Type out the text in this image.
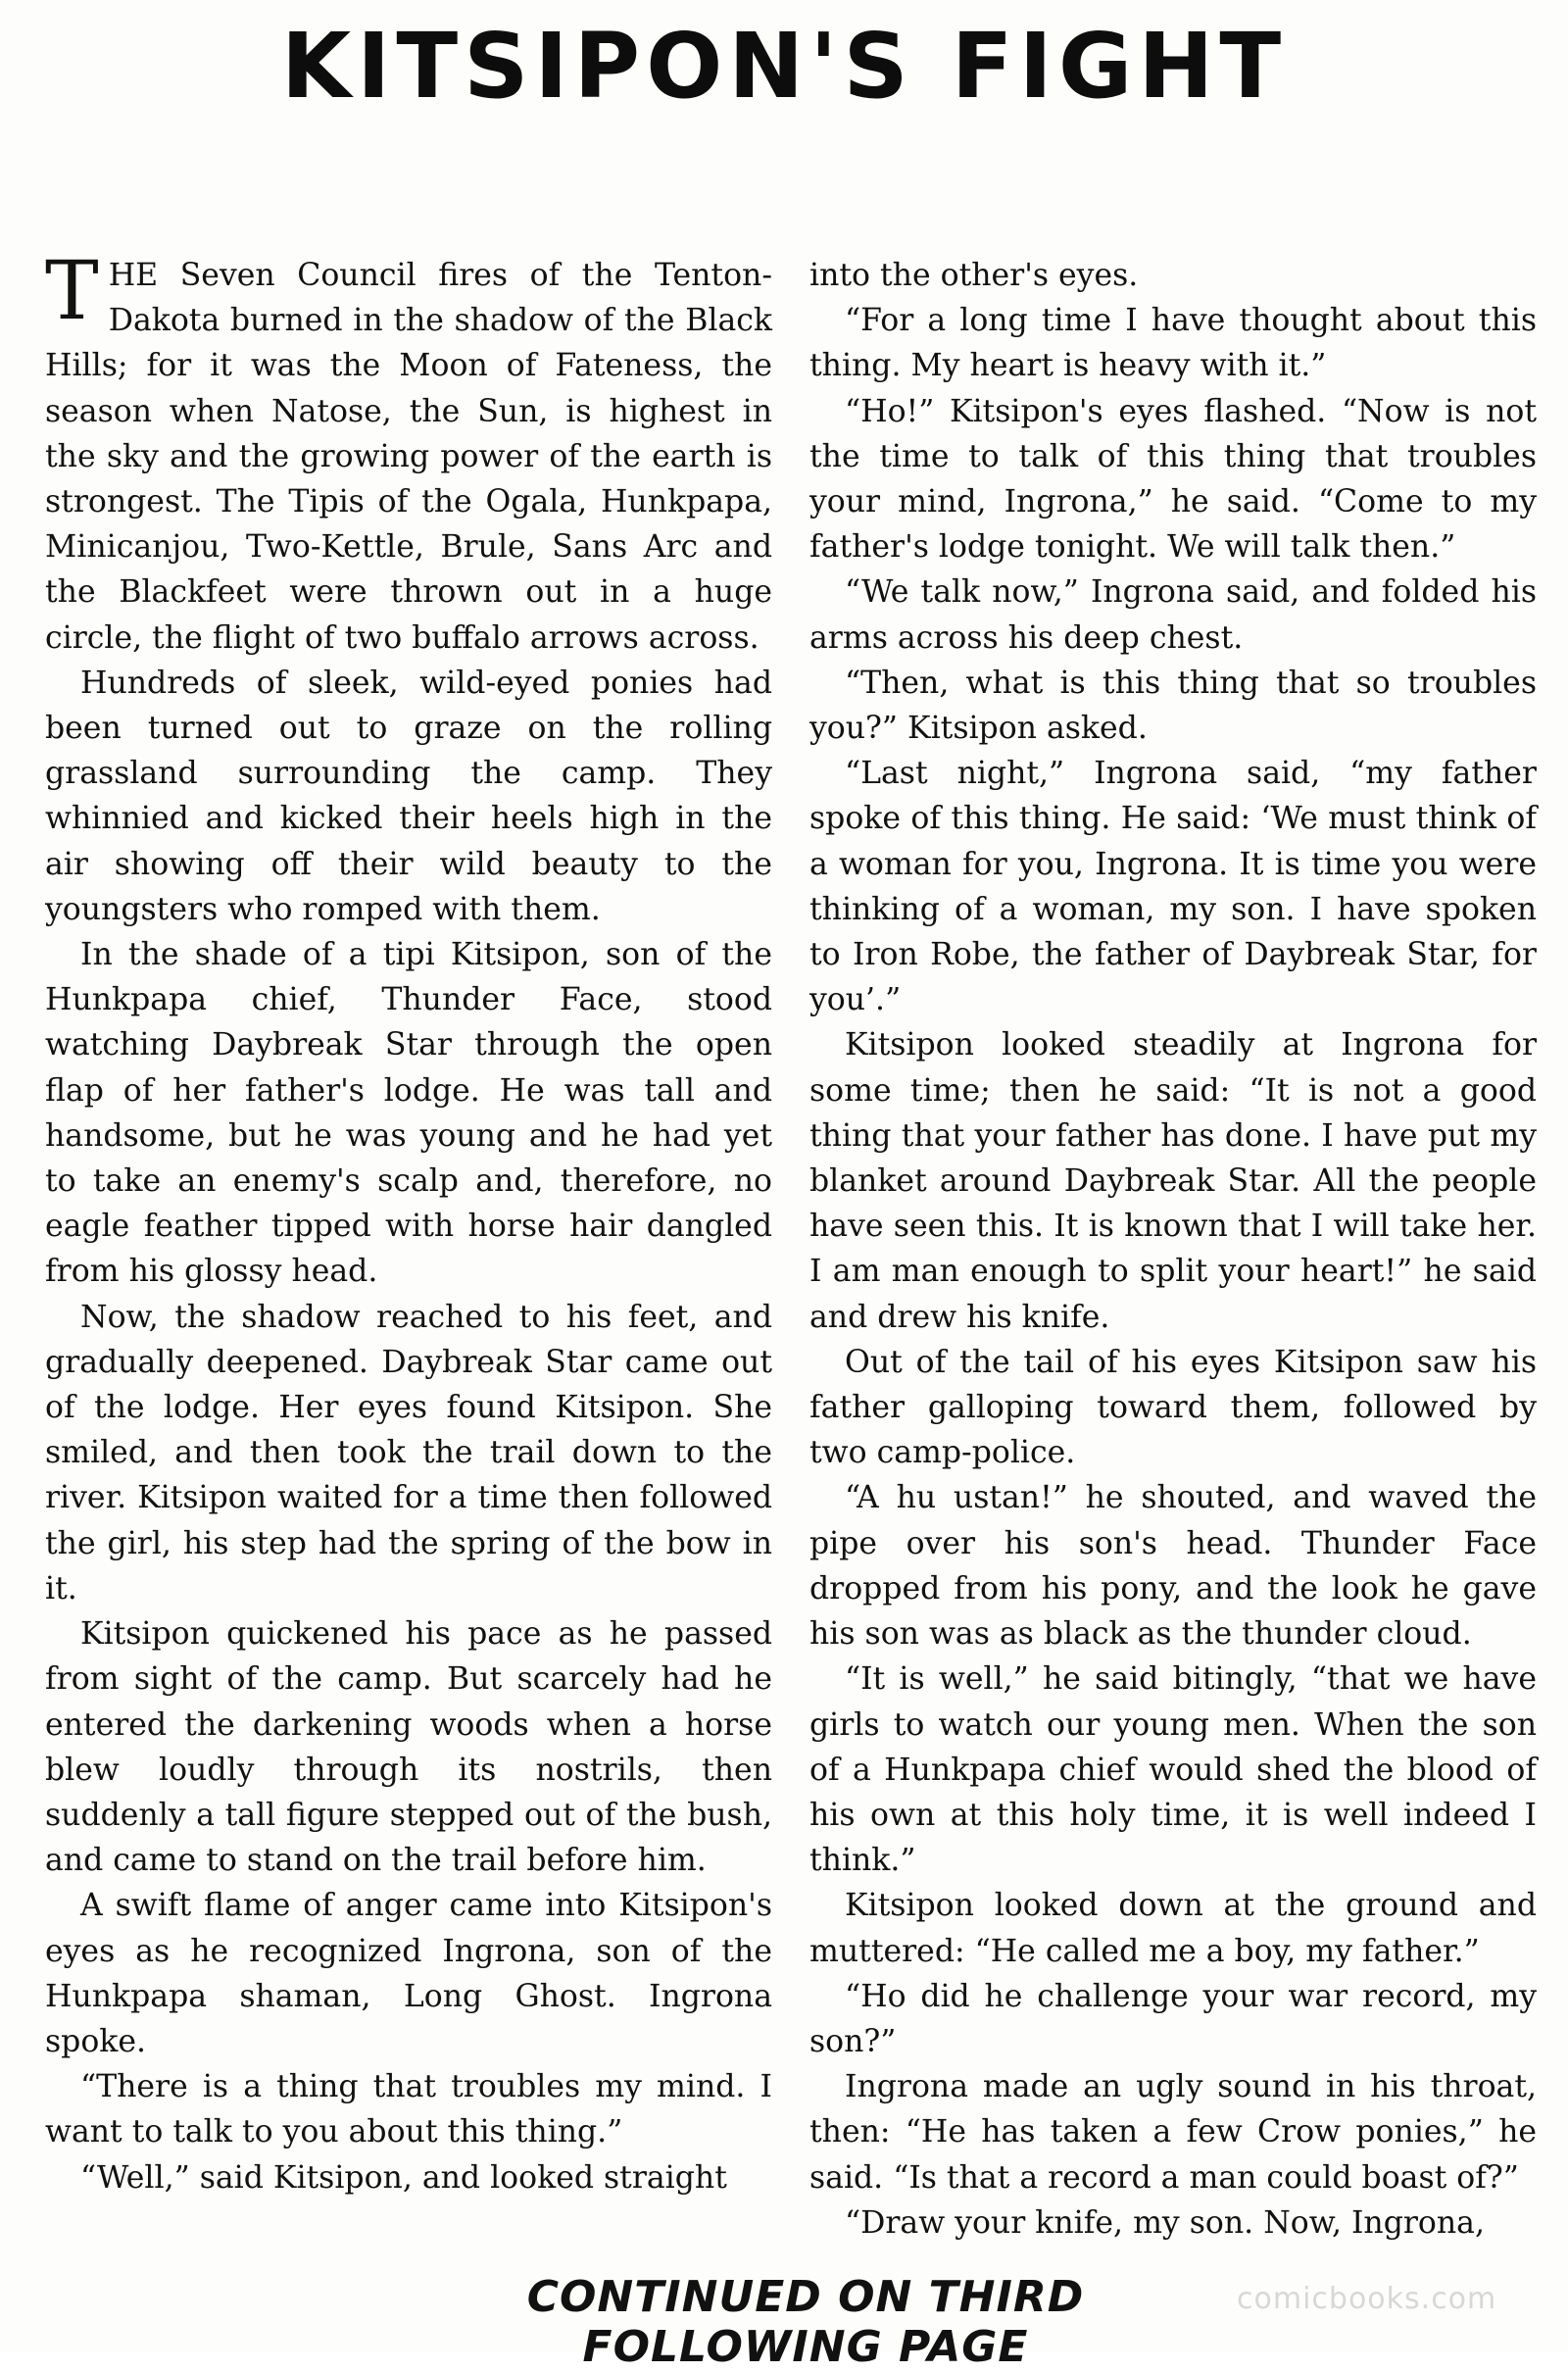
KITSIPON'S FIGHT

THE Seven Council fires of the Tenton-Dakota burned in the shadow of the Black Hills; for it was the Moon of Fateness, the season when Natose, the Sun, is highest in the sky and the growing power of the earth is strongest. The Tipis of the Ogala, Hunkpapa, Minicanjou, Two-Kettle, Brule, Sans Arc and the Blackfeet were thrown out in a huge circle, the flight of two buffalo arrows across.

Hundreds of sleek, wild-eyed ponies had been turned out to graze on the rolling grassland surrounding the camp. They whinnied and kicked their heels high in the air showing off their wild beauty to the youngsters who romped with them.

In the shade of a tipi Kitsipon, son of the Hunkpapa chief, Thunder Face, stood watching Daybreak Star through the open flap of her father's lodge. He was tall and handsome, but he was young and he had yet to take an enemy's scalp and, therefore, no eagle feather tipped with horse hair dangled from his glossy head.

Now, the shadow reached to his feet, and gradually deepened. Daybreak Star came out of the lodge. Her eyes found Kitsipon. She smiled, and then took the trail down to the river. Kitsipon waited for a time then followed the girl, his step had the spring of the bow in it.

Kitsipon quickened his pace as he passed from sight of the camp. But scarcely had he entered the darkening woods when a horse blew loudly through its nostrils, then suddenly a tall figure stepped out of the bush, and came to stand on the trail before him.

A swift flame of anger came into Kitsipon's eyes as he recognized Ingrona, son of the Hunkpapa shaman, Long Ghost. Ingrona spoke.

“There is a thing that troubles my mind. I want to talk to you about this thing.”

“Well,” said Kitsipon, and looked straight

into the other's eyes.

“For a long time I have thought about this thing. My heart is heavy with it.”

“Ho!” Kitsipon's eyes flashed. “Now is not the time to talk of this thing that troubles your mind, Ingrona,” he said. “Come to my father's lodge tonight. We will talk then.”

“We talk now,” Ingrona said, and folded his arms across his deep chest.

“Then, what is this thing that so troubles you?” Kitsipon asked.

“Last night,” Ingrona said, “my father spoke of this thing. He said: ‘We must think of a woman for you, Ingrona. It is time you were thinking of a woman, my son. I have spoken to Iron Robe, the father of Daybreak Star, for you’.”

Kitsipon looked steadily at Ingrona for some time; then he said: “It is not a good thing that your father has done. I have put my blanket around Daybreak Star. All the people have seen this. It is known that I will take her. I am man enough to split your heart!” he said and drew his knife.

Out of the tail of his eyes Kitsipon saw his father galloping toward them, followed by two camp-police.

“A hu ustan!” he shouted, and waved the pipe over his son's head. Thunder Face dropped from his pony, and the look he gave his son was as black as the thunder cloud.

“It is well,” he said bitingly, “that we have girls to watch our young men. When the son of a Hunkpapa chief would shed the blood of his own at this holy time, it is well indeed I think.”

Kitsipon looked down at the ground and muttered: “He called me a boy, my father.”

“Ho did he challenge your war record, my son?”

Ingrona made an ugly sound in his throat, then: “He has taken a few Crow ponies,” he said. “Is that a record a man could boast of?”

“Draw your knife, my son. Now, Ingrona,

CONTINUED ON THIRD FOLLOWING PAGE
comicbooks.com
